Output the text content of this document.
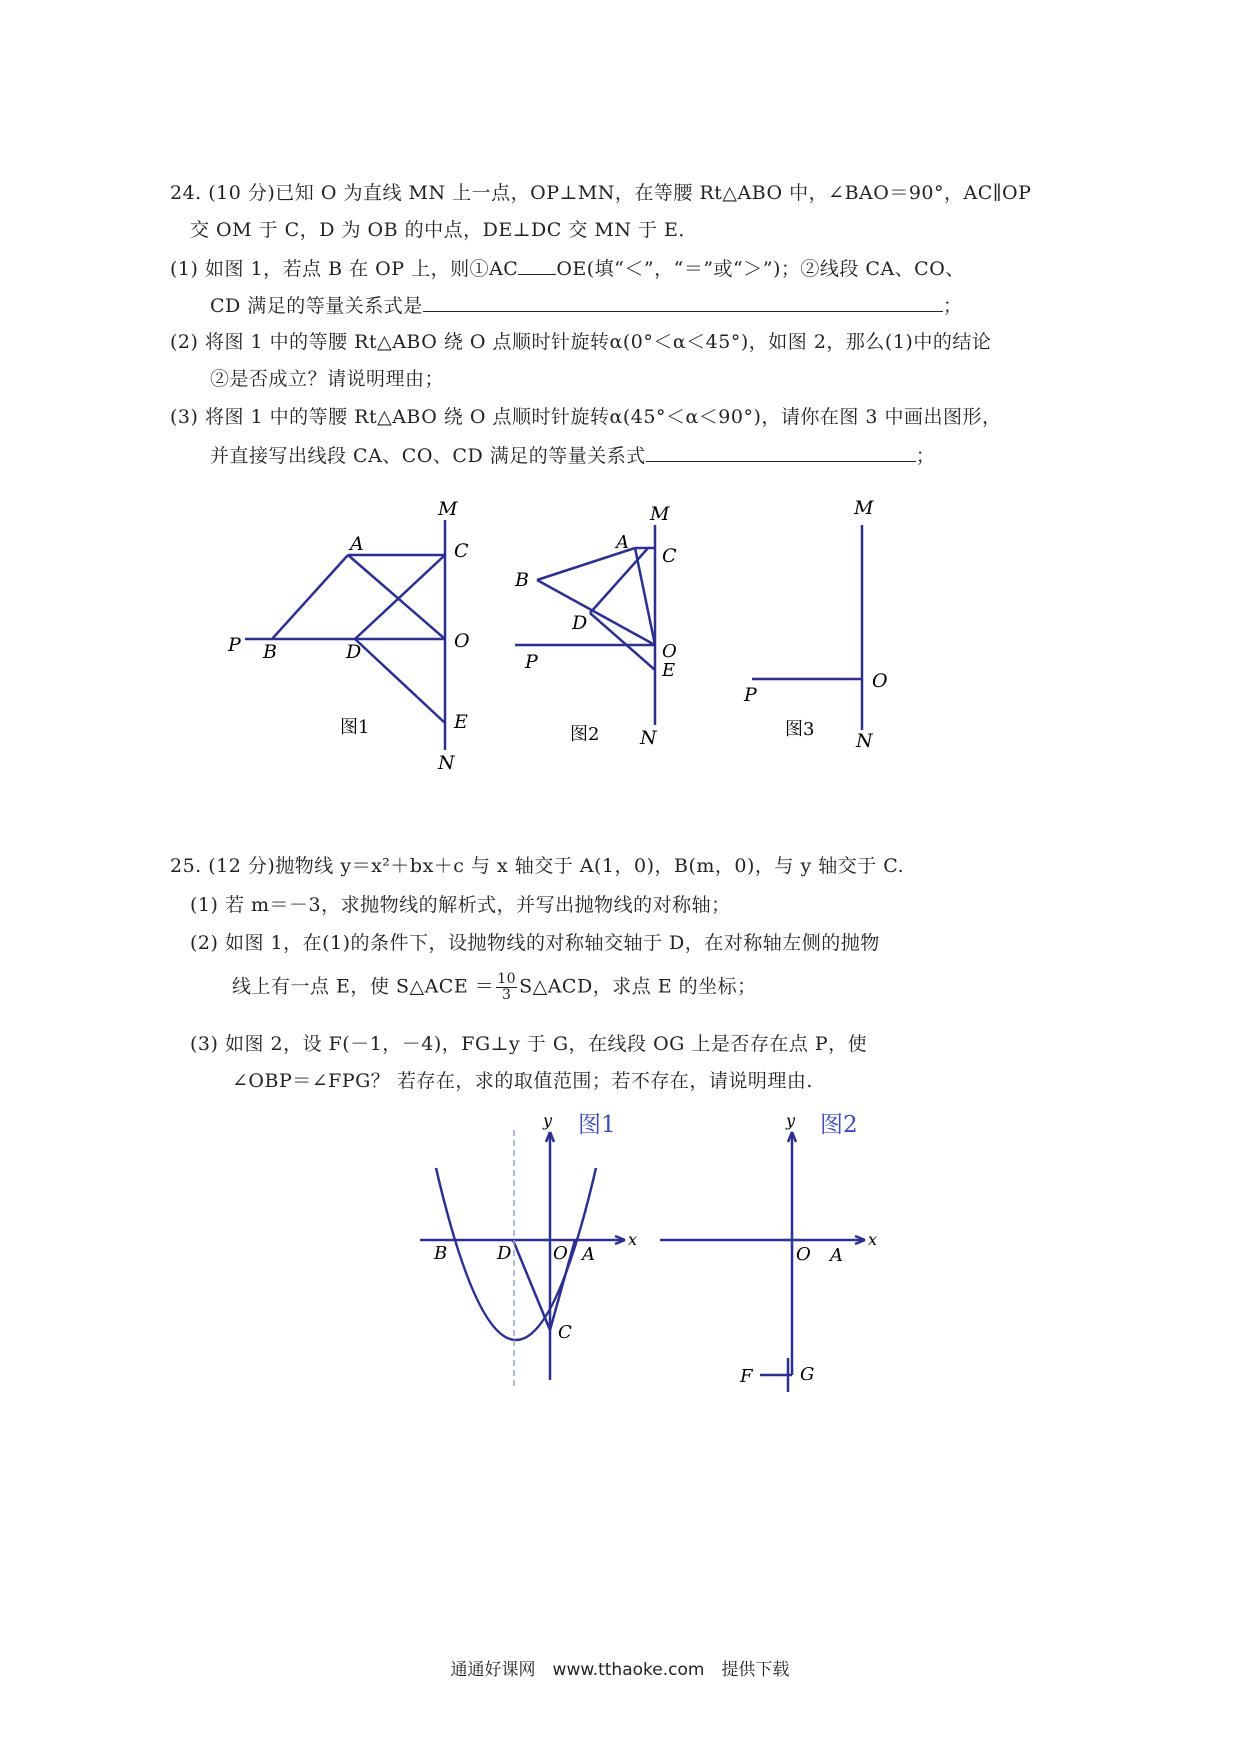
24. (10 分)已知 O 为直线 MN 上一点，OP⊥MN，在等腰 Rt△ABO 中，∠BAO＝90°，AC∥OP
交 OM 于 C，D 为 OB 的中点，DE⊥DC 交 MN 于 E．
(1) 如图 1，若点 B 在 OP 上，则①AC OE(填“＜”，“＝”或“＞”)；②线段 CA、CO、
CD 满足的等量关系式是	；
(2) 将图 1 中的等腰 Rt△ABO 绕 O 点顺时针旋转α(0°＜α＜45°)，如图 2，那么(1)中的结论
②是否成立？请说明理由；
(3) 将图 1 中的等腰 Rt△ABO 绕 O 点顺时针旋转α(45°＜α＜90°)，请你在图 3 中画出图形，
并直接写出线段 CA、CO、CD 满足的等量关系式	；
M
A	C
P B	D	O
E
N
图1
M
A
C
B
D
P	O
E
N
图2
M
P
O
N
图3
25. (12 分)抛物线 y＝x²＋bx＋c 与 x 轴交于 A(1，0)，B(m，0)，与 y 轴交于 C.
(1) 若 m＝－3，求抛物线的解析式，并写出抛物线的对称轴；
(2) 如图 1，在(1)的条件下，设抛物线的对称轴交轴于 D，在对称轴左侧的抛物
线上有一点 E，使 S△ACE ＝ $\frac{10}{3}$ S△ACD，求点 E 的坐标；
(3) 如图 2，设 F(－1，－4)，FG⊥y 于 G，在线段 OG 上是否存在点 P，使
∠OBP＝∠FPG？ 若存在，求的取值范围；若不存在，请说明理由.
y 图1
x
B	D O A
C
y 图2
x
O A
F	G
通通好课网　www.tthaoke.com　提供下载
